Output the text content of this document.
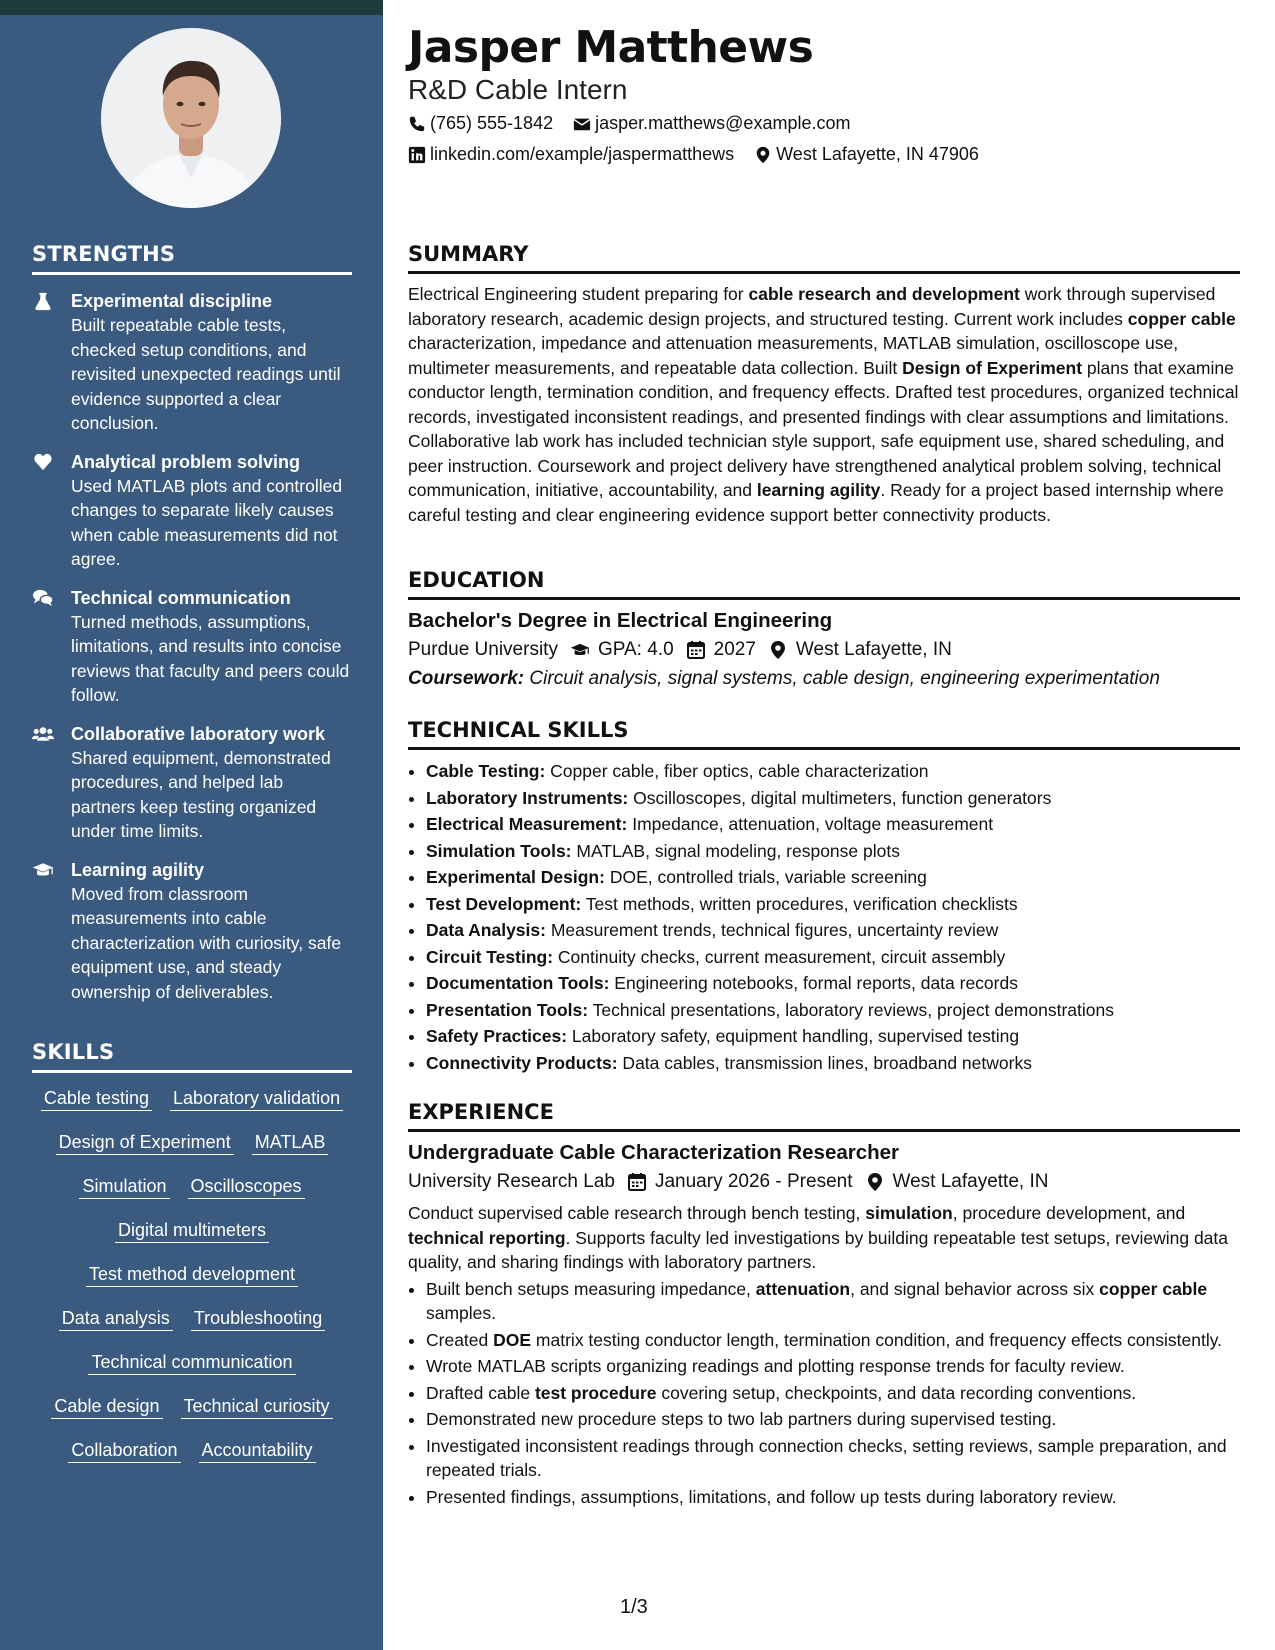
STRENGTHS
Experimental discipline
Built repeatable cable tests, checked setup conditions, and revisited unexpected readings until evidence supported a clear conclusion.
Analytical problem solving
Used MATLAB plots and controlled changes to separate likely causes when cable measurements did not agree.
Technical communication
Turned methods, assumptions, limitations, and results into concise reviews that faculty and peers could follow.
Collaborative laboratory work
Shared equipment, demonstrated procedures, and helped lab partners keep testing organized under time limits.
Learning agility
Moved from classroom measurements into cable characterization with curiosity, safe equipment use, and steady ownership of deliverables.
SKILLS
Cable testing Laboratory validation
Design of Experiment MATLAB
Simulation Oscilloscopes
Digital multimeters
Test method development
Data analysis Troubleshooting
Technical communication
Cable design Technical curiosity
Collaboration Accountability
Jasper Matthews
R&D Cable Intern
(765) 555-1842 jasper.matthews@example.com
linkedin.com/example/jaspermatthews West Lafayette, IN 47906
SUMMARY

Electrical Engineering student preparing for cable research and development work through supervised laboratory research, academic design projects, and structured testing. Current work includes copper cable characterization, impedance and attenuation measurements, MATLAB simulation, oscilloscope use, multimeter measurements, and repeatable data collection. Built Design of Experiment plans that examine conductor length, termination condition, and frequency effects. Drafted test procedures, organized technical records, investigated inconsistent readings, and presented findings with clear assumptions and limitations. Collaborative lab work has included technician style support, safe equipment use, shared scheduling, and peer instruction. Coursework and project delivery have strengthened analytical problem solving, technical communication, initiative, accountability, and learning agility. Ready for a project based internship where careful testing and clear engineering evidence support better connectivity products.

EDUCATION
Bachelor's Degree in Electrical Engineering
Purdue University GPA: 4.0 2027 West Lafayette, IN
Coursework: Circuit analysis, signal systems, cable design, engineering experimentation
TECHNICAL SKILLS
• Cable Testing: Copper cable, fiber optics, cable characterization
• Laboratory Instruments: Oscilloscopes, digital multimeters, function generators
• Electrical Measurement: Impedance, attenuation, voltage measurement
• Simulation Tools: MATLAB, signal modeling, response plots
• Experimental Design: DOE, controlled trials, variable screening
• Test Development: Test methods, written procedures, verification checklists
• Data Analysis: Measurement trends, technical figures, uncertainty review
• Circuit Testing: Continuity checks, current measurement, circuit assembly
• Documentation Tools: Engineering notebooks, formal reports, data records
• Presentation Tools: Technical presentations, laboratory reviews, project demonstrations
• Safety Practices: Laboratory safety, equipment handling, supervised testing
• Connectivity Products: Data cables, transmission lines, broadband networks
EXPERIENCE
Undergraduate Cable Characterization Researcher
University Research Lab January 2026 - Present West Lafayette, IN

Conduct supervised cable research through bench testing, simulation, procedure development, and technical reporting. Supports faculty led investigations by building repeatable test setups, reviewing data quality, and sharing findings with laboratory partners.

• Built bench setups measuring impedance, attenuation, and signal behavior across six copper cable samples.
• Created DOE matrix testing conductor length, termination condition, and frequency effects consistently.
• Wrote MATLAB scripts organizing readings and plotting response trends for faculty review.
• Drafted cable test procedure covering setup, checkpoints, and data recording conventions.
• Demonstrated new procedure steps to two lab partners during supervised testing.
• Investigated inconsistent readings through connection checks, setting reviews, sample preparation, and repeated trials.
• Presented findings, assumptions, limitations, and follow up tests during laboratory review.
1/3
